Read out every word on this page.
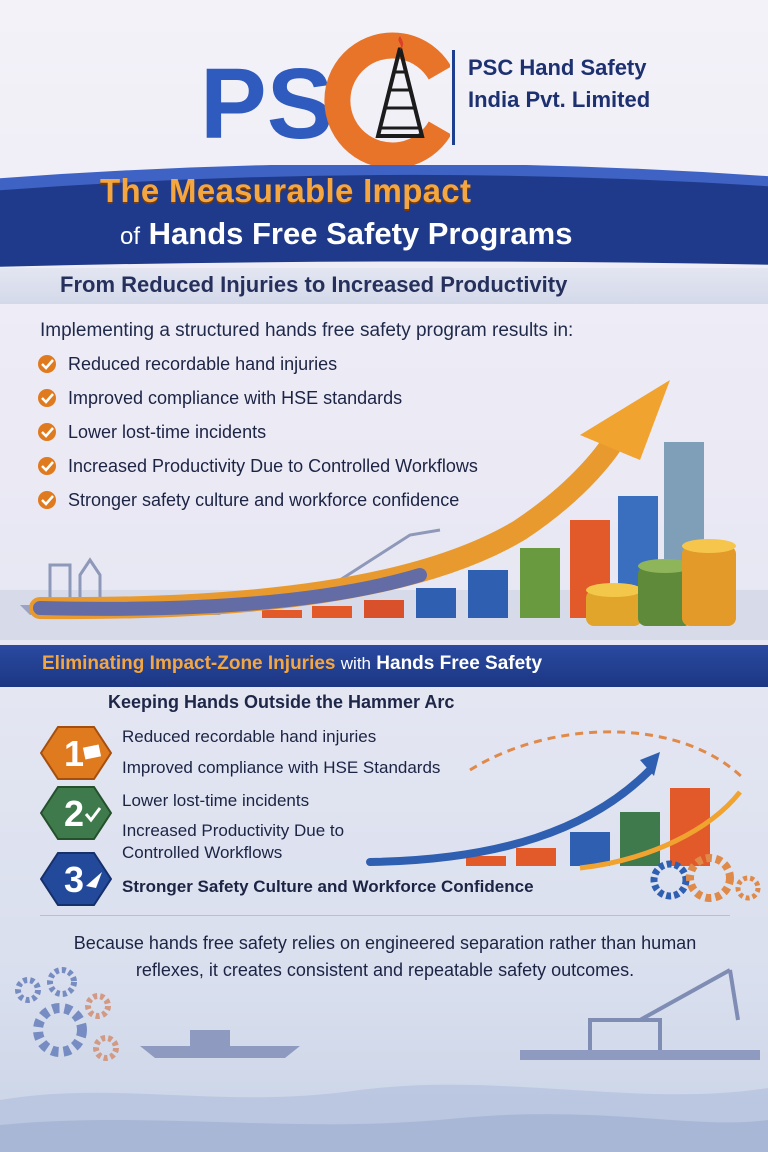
PS	PSC Hand Safety
India Pvt. Limited
The Measurable Impact
of Hands Free Safety Programs
From Reduced Injuries to Increased Productivity
Implementing a structured hands free safety program results in:
Reduced recordable hand injuries
Improved compliance with HSE standards
Lower lost-time incidents
Increased Productivity Due to Controlled Workflows
Stronger safety culture and workforce confidence
Eliminating Impact-Zone Injuries with Hands Free Safety
Keeping Hands Outside the Hammer Arc
1 Reduced recordable hand injuries
Improved compliance with HSE Standards
2 Lower lost-time incidents
Increased Productivity Due to Controlled Workflows
3 Stronger Safety Culture and Workforce Confidence
Because hands free safety relies on engineered separation rather than human reflexes, it creates consistent and repeatable safety outcomes.
